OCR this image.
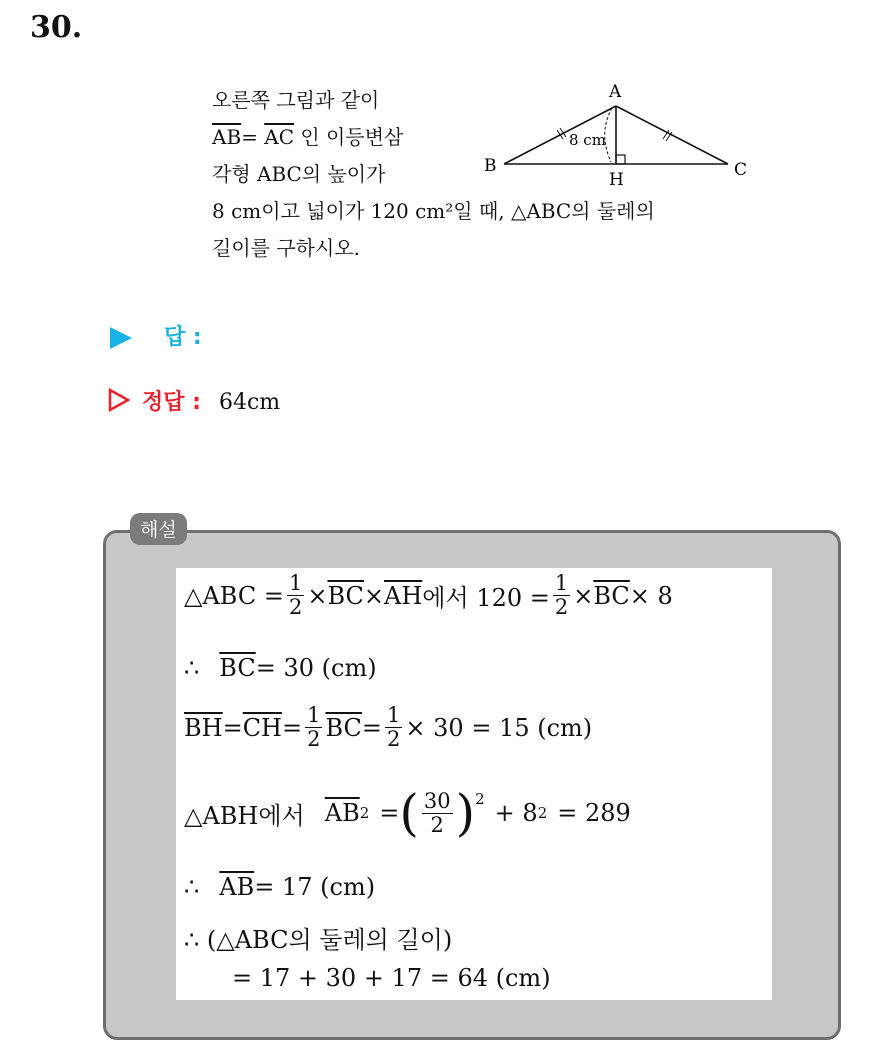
30.
오른쪽 그림과 같이
$\overline{AB}= \overline{AC}$ 인 이등변삼
각형 ABC의 높이가
8 cm이고 넓이가 120 cm²일 때, △ABC의 둘레의
길이를 구하시오.
A
B	C
H
8 cm
답 :
정답 : 64cm
해설
△ABC = $\frac{1}{2} \times \overline{BC} \times \overline{AH}$ 에서 $120 = \frac{1}{2} \times \overline{BC} \times 8$
∴ $\overline{BC} = 30$ (cm)
$\overline{BH} = \overline{CH} = \frac{1}{2} \overline{BC} = \frac{1}{2} \times 30 = 15$ (cm)
△ABH에서 $\overline{AB}$ 2 = ( $\frac{30}{2} )^2 + 8$ 2 = 289
∴ $\overline{AB} = 17$ (cm)
∴ (△ABC의 둘레의 길이)
= 17 + 30 + 17 = 64 (cm)
